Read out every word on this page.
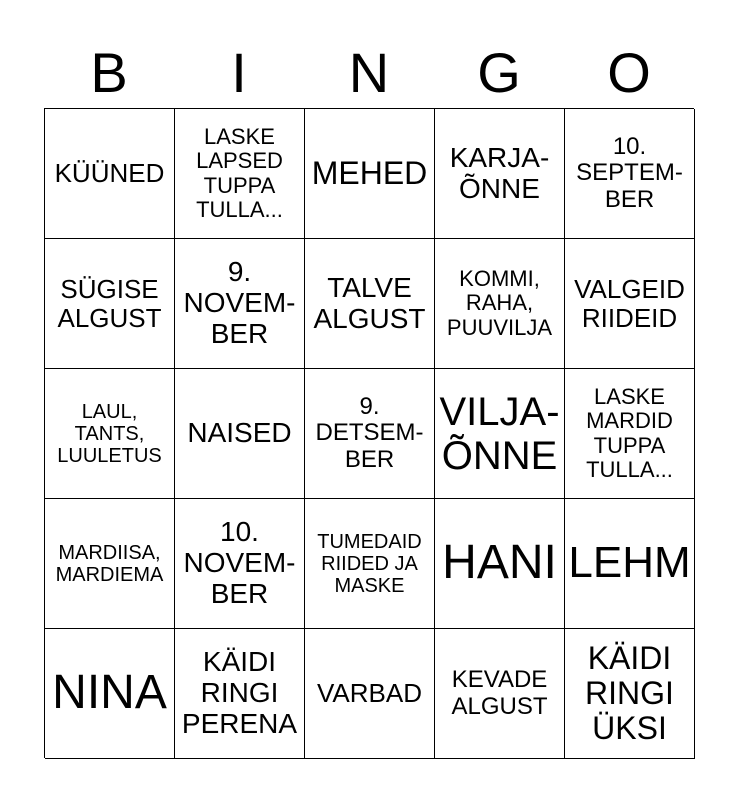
B	I	N	G	O
KÜÜNED
LASKE
LAPSED
TUPPA
TULLA...
MEHED KARJA-
ÕNNE
10.
SEPTEM-
BER
SÜGISE
ALGUST
9.
NOVEM-
BER
TALVE
ALGUST
KOMMI,
RAHA,
PUUVILJA
VALGEID
RIIDEID
LAUL,
TANTS,
LUULETUS
NAISED
9.
DETSEM-
BER
VILJA-
ÕNNE
LASKE
MARDID
TUPPA
TULLA...
MARDIISA,
MARDIEMA
10.
NOVEM-
BER
TUMEDAID
RIIDED JA
MASKE HANI LEHM
NINA
KÄIDI
RINGI
PERENA
VARBAD	KEVADE
ALGUST
KÄIDI
RINGI
ÜKSI
